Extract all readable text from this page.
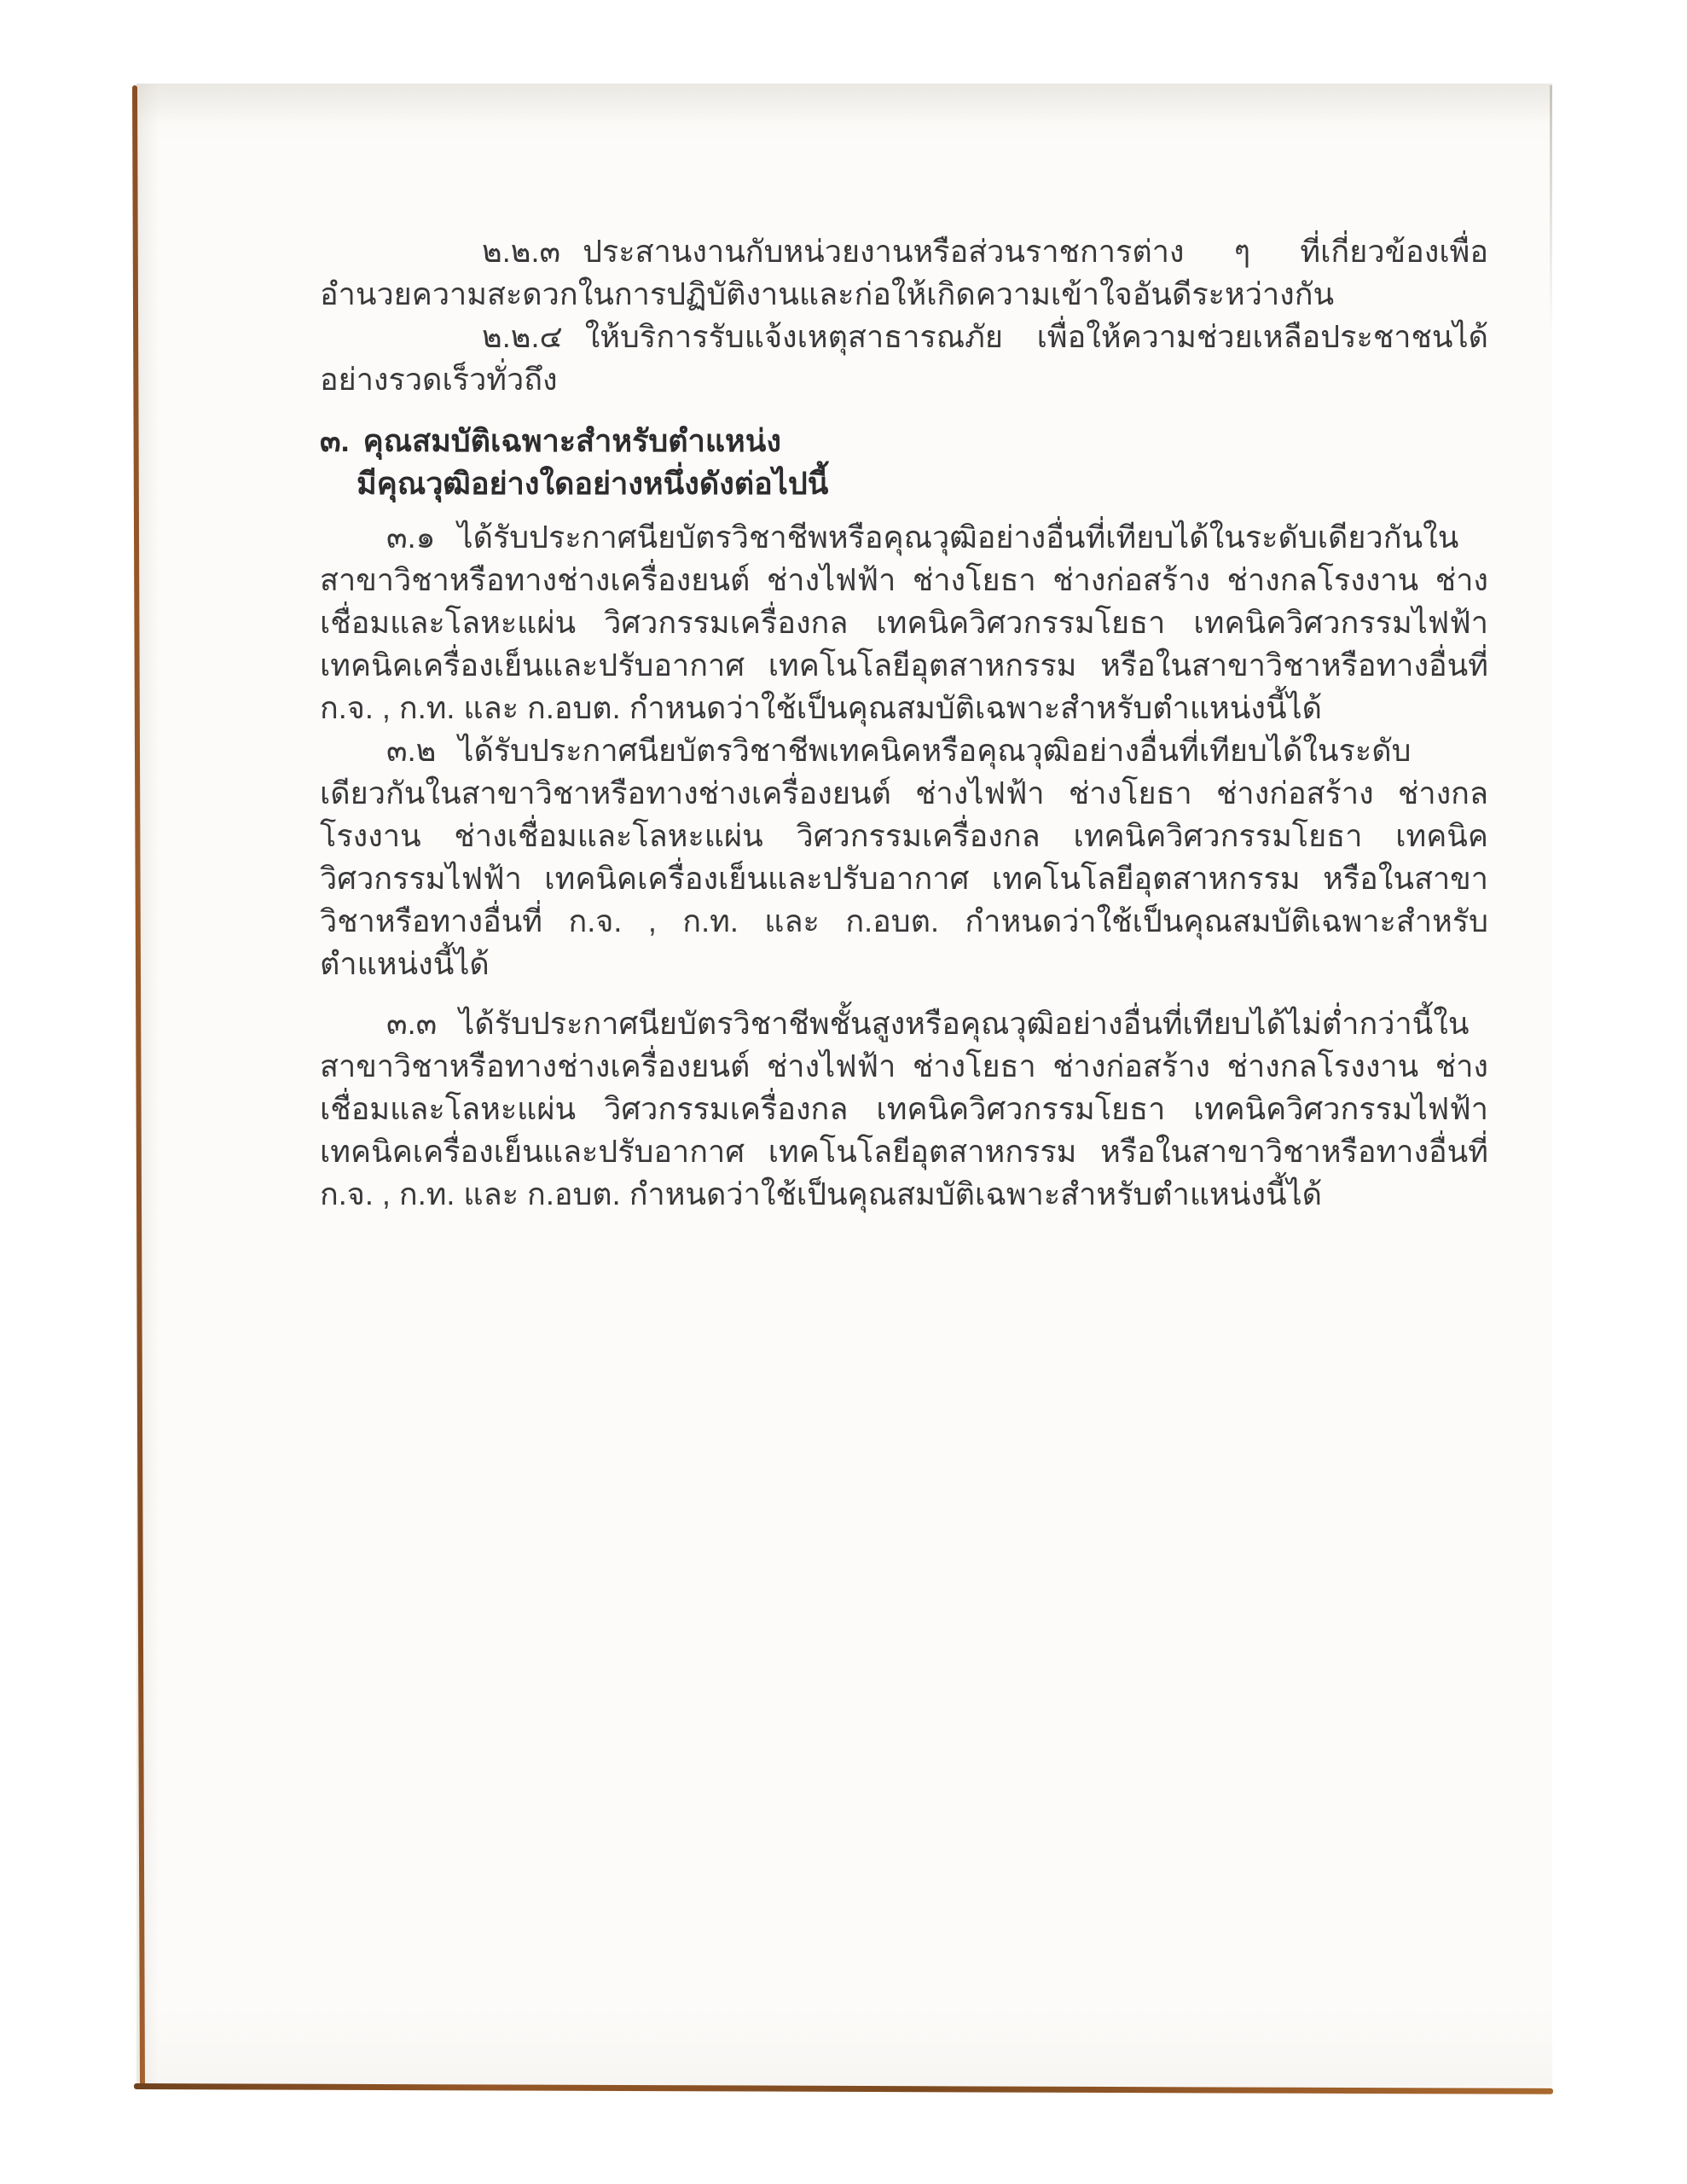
๒.๒.๓ ประสานงานกับหน่วยงานหรือส่วนราชการต่าง ๆ ที่เกี่ยวข้องเพื่ออำนวยความสะดวกในการปฏิบัติงานและก่อให้เกิดความเข้าใจอันดีระหว่างกัน

๒.๒.๔ ให้บริการรับแจ้งเหตุสาธารณภัย เพื่อให้ความช่วยเหลือประชาชนได้อย่างรวดเร็วทั่วถึง

๓. คุณสมบัติเฉพาะสำหรับตำแหน่ง

มีคุณวุฒิอย่างใดอย่างหนึ่งดังต่อไปนี้

๓.๑ ได้รับประกาศนียบัตรวิชาชีพหรือคุณวุฒิอย่างอื่นที่เทียบได้ในระดับเดียวกันในสาขาวิชาหรือทางช่างเครื่องยนต์ ช่างไฟฟ้า ช่างโยธา ช่างก่อสร้าง ช่างกลโรงงาน ช่างเชื่อมและโลหะแผ่น วิศวกรรมเครื่องกล เทคนิควิศวกรรมโยธา เทคนิควิศวกรรมไฟฟ้า เทคนิคเครื่องเย็นและปรับอากาศ เทคโนโลยีอุตสาหกรรม หรือในสาขาวิชาหรือทางอื่นที่ ก.จ. , ก.ท. และ ก.อบต. กำหนดว่าใช้เป็นคุณสมบัติเฉพาะสำหรับตำแหน่งนี้ได้

๓.๒ ได้รับประกาศนียบัตรวิชาชีพเทคนิคหรือคุณวุฒิอย่างอื่นที่เทียบได้ในระดับเดียวกันในสาขาวิชาหรือทางช่างเครื่องยนต์ ช่างไฟฟ้า ช่างโยธา ช่างก่อสร้าง ช่างกลโรงงาน ช่างเชื่อมและโลหะแผ่น วิศวกรรมเครื่องกล เทคนิควิศวกรรมโยธา เทคนิควิศวกรรมไฟฟ้า เทคนิคเครื่องเย็นและปรับอากาศ เทคโนโลยีอุตสาหกรรม หรือในสาขาวิชาหรือทางอื่นที่ ก.จ. , ก.ท. และ ก.อบต. กำหนดว่าใช้เป็นคุณสมบัติเฉพาะสำหรับตำแหน่งนี้ได้

๓.๓ ได้รับประกาศนียบัตรวิชาชีพชั้นสูงหรือคุณวุฒิอย่างอื่นที่เทียบได้ไม่ต่ำกว่านี้ในสาขาวิชาหรือทางช่างเครื่องยนต์ ช่างไฟฟ้า ช่างโยธา ช่างก่อสร้าง ช่างกลโรงงาน ช่างเชื่อมและโลหะแผ่น วิศวกรรมเครื่องกล เทคนิควิศวกรรมโยธา เทคนิควิศวกรรมไฟฟ้า เทคนิคเครื่องเย็นและปรับอากาศ เทคโนโลยีอุตสาหกรรม หรือในสาขาวิชาหรือทางอื่นที่ ก.จ. , ก.ท. และ ก.อบต. กำหนดว่าใช้เป็นคุณสมบัติเฉพาะสำหรับตำแหน่งนี้ได้
